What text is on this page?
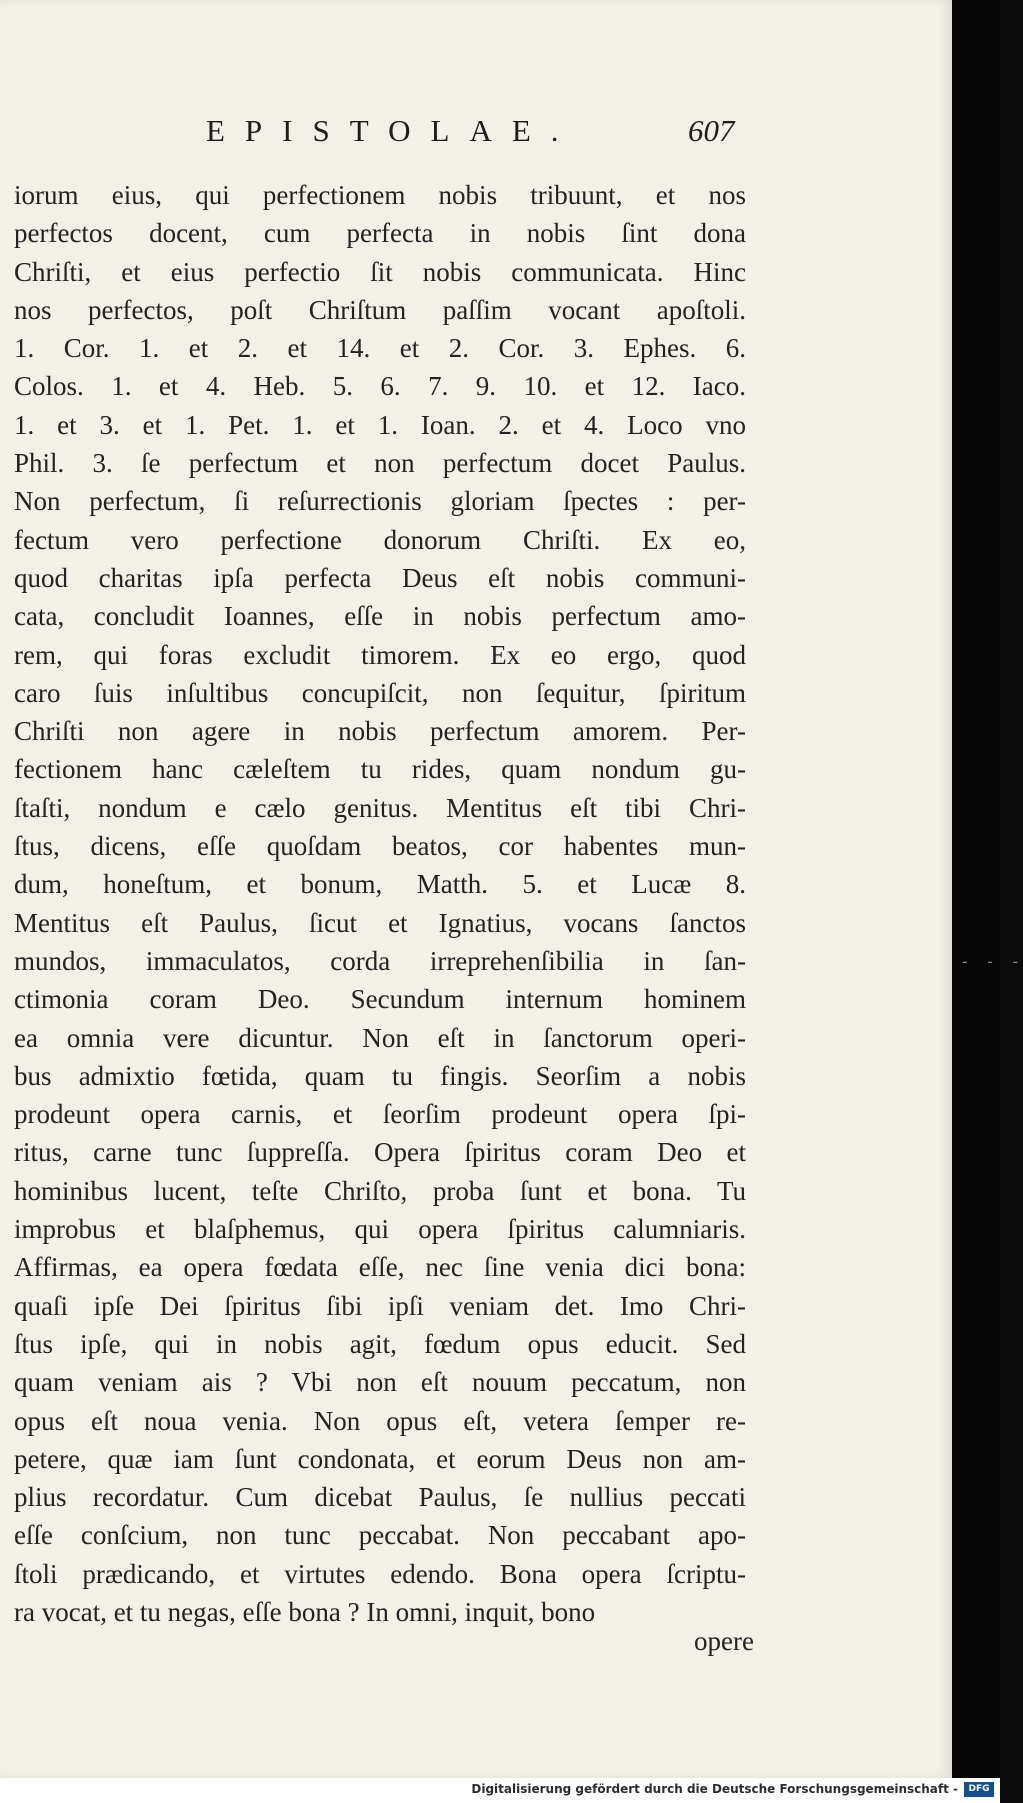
EPISTOLAE.	607
iorum eius, qui perfectionem nobis tribuunt, et nos
perfectos docent, cum perfecta in nobis ſint dona
Chriſti, et eius perfectio ſit nobis communicata. Hinc
nos perfectos, poſt Chriſtum paſſim vocant apoſtoli.
1. Cor. 1. et 2. et 14. et 2. Cor. 3. Ephes. 6.
Colos. 1. et 4. Heb. 5. 6. 7. 9. 10. et 12. Iaco.
1. et 3. et 1. Pet. 1. et 1. Ioan. 2. et 4. Loco vno
Phil. 3. ſe perfectum et non perfectum docet Paulus.
Non perfectum, ſi reſurrectionis gloriam ſpectes : per-
fectum vero perfectione donorum Chriſti. Ex eo,
quod charitas ipſa perfecta Deus eſt nobis communi-
cata, concludit Ioannes, eſſe in nobis perfectum amo-
rem, qui foras excludit timorem. Ex eo ergo, quod
caro ſuis inſultibus concupiſcit, non ſequitur, ſpiritum
Chriſti non agere in nobis perfectum amorem. Per-
fectionem hanc cæleſtem tu rides, quam nondum gu-
ſtaſti, nondum e cælo genitus. Mentitus eſt tibi Chri-
ſtus, dicens, eſſe quoſdam beatos, cor habentes mun-
dum, honeſtum, et bonum, Matth. 5. et Lucæ 8.
Mentitus eſt Paulus, ſicut et Ignatius, vocans ſanctos
mundos, immaculatos, corda irreprehenſibilia in ſan-
ctimonia coram Deo. Secundum internum hominem
ea omnia vere dicuntur. Non eſt in ſanctorum operi-
bus admixtio fœtida, quam tu fingis. Seorſim a nobis
prodeunt opera carnis, et ſeorſim prodeunt opera ſpi-
ritus, carne tunc ſuppreſſa. Opera ſpiritus coram Deo et
hominibus lucent, teſte Chriſto, proba ſunt et bona. Tu
improbus et blaſphemus, qui opera ſpiritus calumniaris.
Affirmas, ea opera fœdata eſſe, nec ſine venia dici bona:
quaſi ipſe Dei ſpiritus ſibi ipſi veniam det. Imo Chri-
ſtus ipſe, qui in nobis agit, fœdum opus educit. Sed
quam veniam ais ? Vbi non eſt nouum peccatum, non
opus eſt noua venia. Non opus eſt, vetera ſemper re-
petere, quæ iam ſunt condonata, et eorum Deus non am-
plius recordatur. Cum dicebat Paulus, ſe nullius peccati
eſſe conſcium, non tunc peccabat. Non peccabant apo-
ſtoli prædicando, et virtutes edendo. Bona opera ſcriptu-
ra vocat, et tu negas, eſſe bona ? In omni, inquit, bono
opere
- - -
Digitalisierung gefördert durch die Deutsche Forschungsgemeinschaft -	DFG
